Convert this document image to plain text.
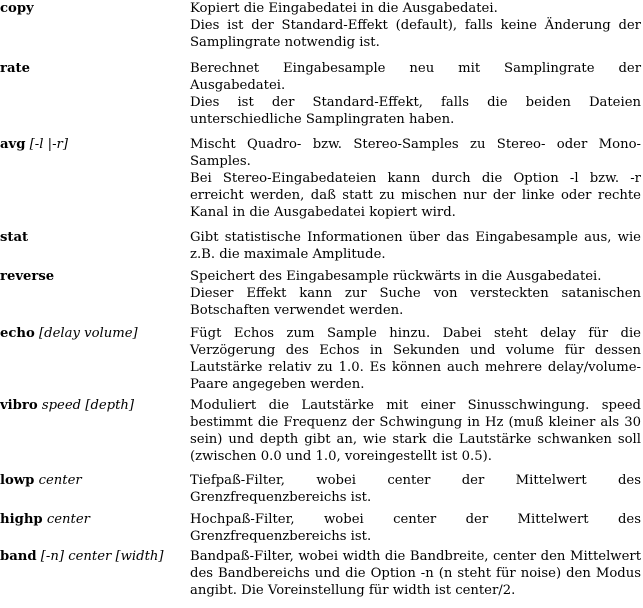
copy	Kopiert die Eingabedatei in die Ausgabedatei.

Dies ist der Standard-Effekt (default), falls keine Änderung der Samplingrate notwendig ist.

rate	Berechnet Eingabesample neu mit Samplingrate der Ausgabedatei.

Dies ist der Standard-Effekt, falls die beiden Dateien unterschiedliche Samplingraten haben.

avg [-l |-r]	Mischt Quadro- bzw. Stereo-Samples zu Stereo- oder Mono-Samples.

Bei Stereo-Eingabedateien kann durch die Option -l bzw. -r erreicht werden, daß statt zu mischen nur der linke oder rechte Kanal in die Ausgabedatei kopiert wird.

stat	Gibt statistische Informationen über das Eingabesample aus, wie z.B. die maximale Amplitude.

reverse	Speichert des Eingabesample rückwärts in die Ausgabedatei.

Dieser Effekt kann zur Suche von versteckten satanischen Botschaften verwendet werden.

echo [delay volume]	Fügt Echos zum Sample hinzu. Dabei steht delay für die Verzögerung des Echos in Sekunden und volume für dessen Lautstärke relativ zu 1.0. Es können auch mehrere delay/volume-Paare angegeben werden.

vibro speed [depth]	Moduliert die Lautstärke mit einer Sinusschwingung. speed bestimmt die Frequenz der Schwingung in Hz (muß kleiner als 30 sein) und depth gibt an, wie stark die Lautstärke schwanken soll (zwischen 0.0 und 1.0, voreingestellt ist 0.5).

lowp center	Tiefpaß-Filter, wobei center der Mittelwert des Grenzfrequenzbereichs ist.

highp center	Hochpaß-Filter, wobei center der Mittelwert des Grenzfrequenzbereichs ist.

band [-n] center [width]	Bandpaß-Filter, wobei width die Bandbreite, center den Mittelwert des Bandbereichs und die Option -n (n steht für noise) den Modus angibt. Die Voreinstellung für width ist center/2.
